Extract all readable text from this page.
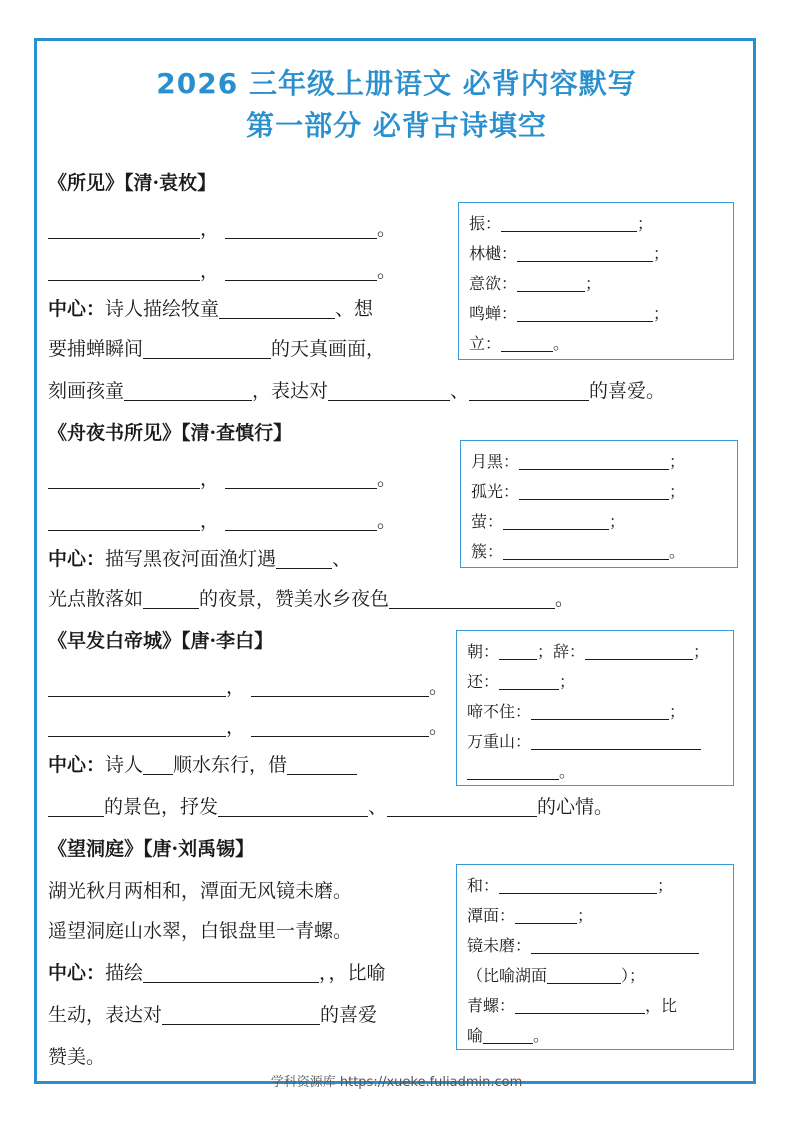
2026 三年级上册语文 必背内容默写
第一部分 必背古诗填空
《所见》【清·袁枚】
，	。
，	。
中心：诗人描绘牧童	、想
要捕蝉瞬间	的天真画面，
刻画孩童	，表达对	、	的喜爱。
振：	；
林樾：	；
意欲：	；
鸣蝉：	；
立：	。
《舟夜书所见》【清·查慎行】
，	。
，	。
中心：描写黑夜河面渔灯遇	、
光点散落如	的夜景，赞美水乡夜色	。
月黑：	；
孤光：	；
萤：	；
簇：	。
《早发白帝城》【唐·李白】
，	。
，	。
中心：诗人 顺水东行，借
的景色，抒发	、	的心情。
朝： ；辞：	；
还：	；
啼不住：	；
万重山：
。
《望洞庭》【唐·刘禹锡】
湖光秋月两相和，潭面无风镜未磨。
遥望洞庭山水翠，白银盘里一青螺。
中心：描绘	，，比喻
生动，表达对	的喜爱
赞美。
和：	；
潭面：	；
镜未磨：
（比喻湖面	）；
青螺：	，比
喻	。
学科资源库 https://xueke.fuliadmin.com
